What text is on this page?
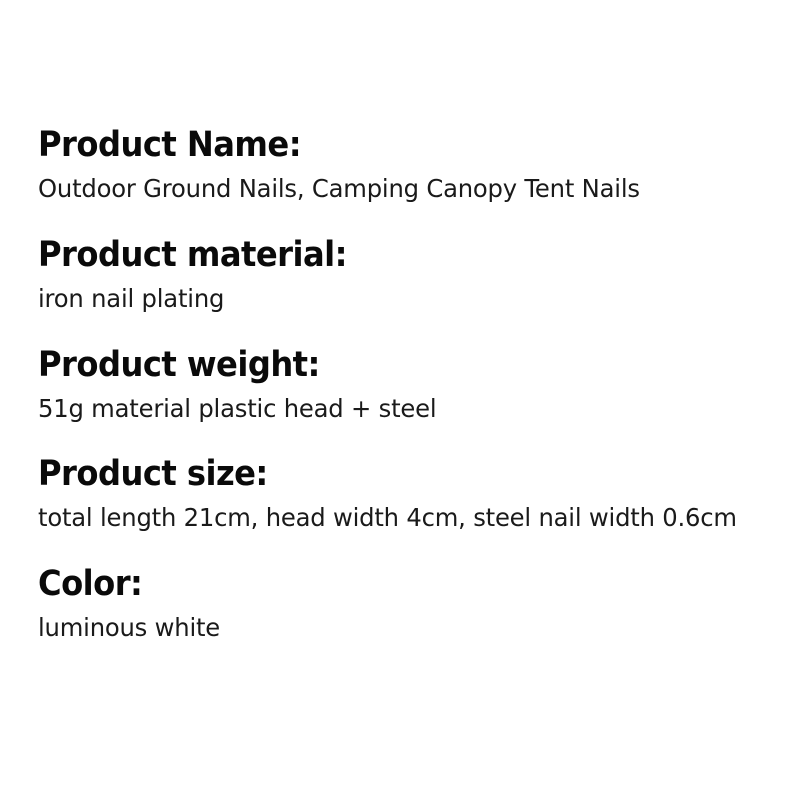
Product Name:
Outdoor Ground Nails, Camping Canopy Tent Nails
Product material:
iron nail plating
Product weight:
51g material plastic head + steel
Product size:
total length 21cm, head width 4cm, steel nail width 0.6cm
Color:
luminous white
